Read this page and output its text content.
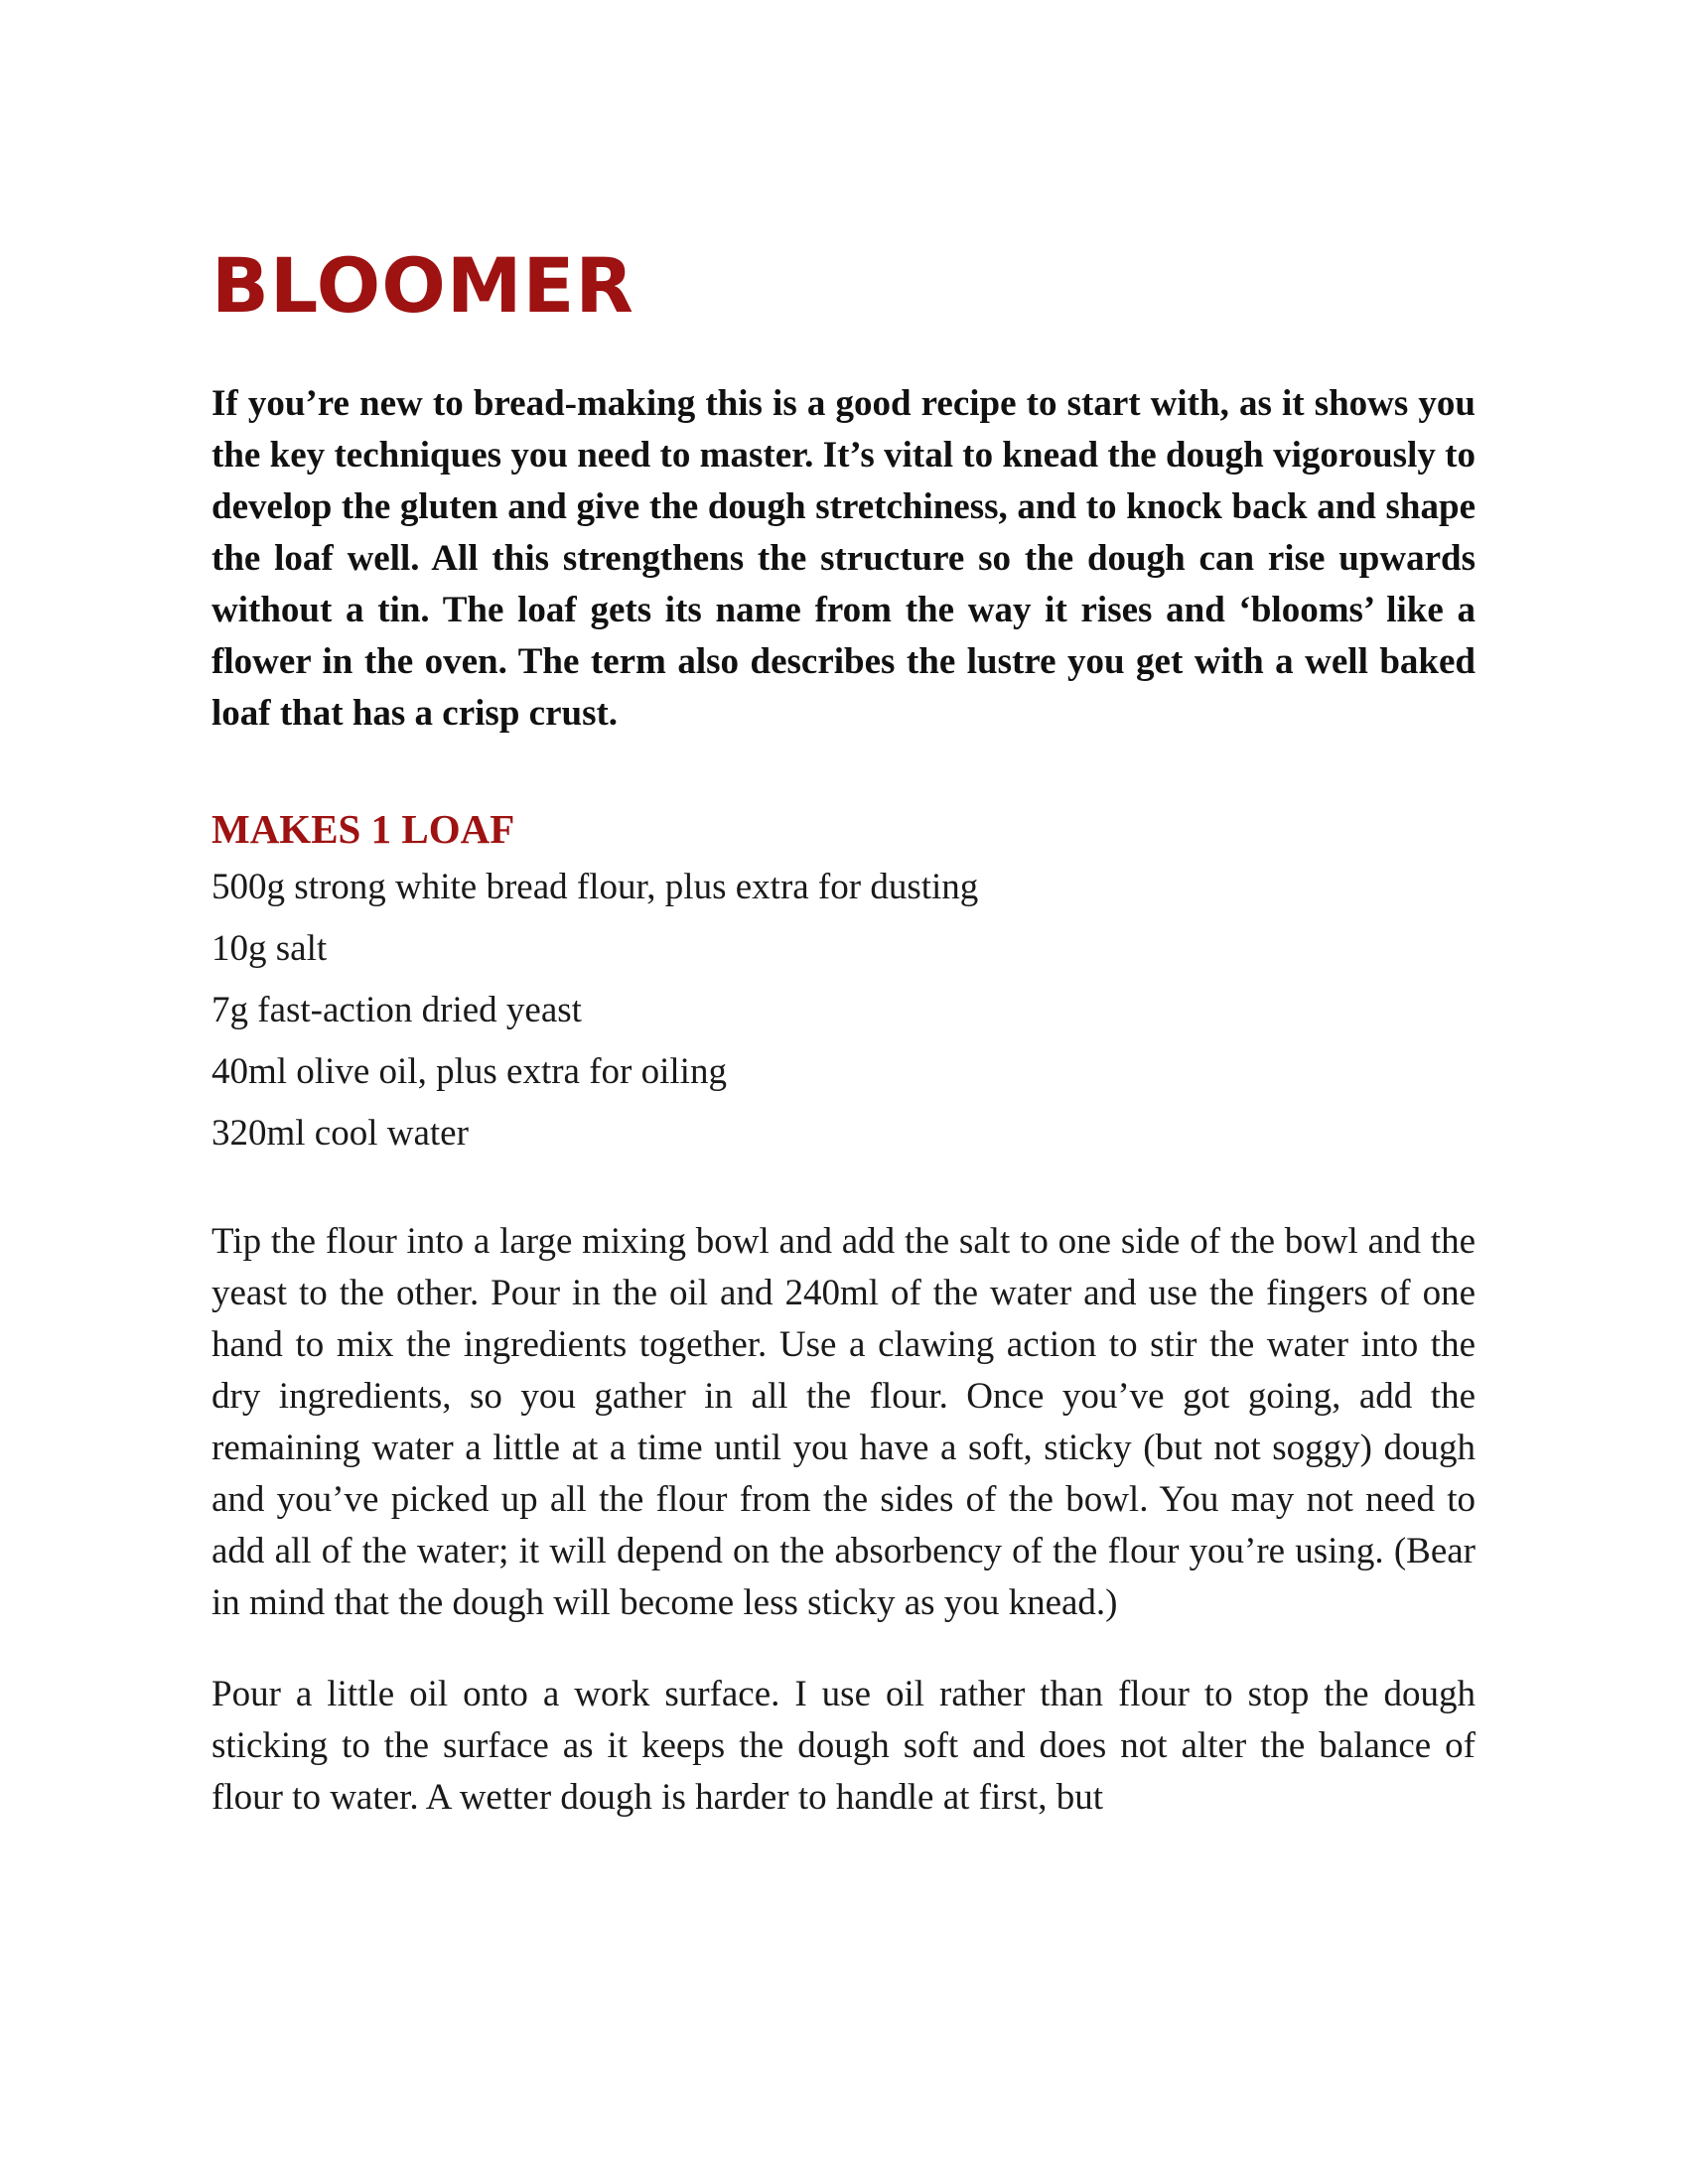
BLOOMER
If you’re new to bread-making this is a good recipe to start with, as it shows you the key techniques you need to master. It’s vital to knead the dough vigorously to develop the gluten and give the dough stretchiness, and to knock back and shape the loaf well. All this strengthens the structure so the dough can rise upwards without a tin. The loaf gets its name from the way it rises and ‘blooms’ like a flower in the oven. The term also describes the lustre you get with a well baked loaf that has a crisp crust.
MAKES 1 LOAF
500g strong white bread flour, plus extra for dusting
10g salt
7g fast-action dried yeast
40ml olive oil, plus extra for oiling
320ml cool water

Tip the flour into a large mixing bowl and add the salt to one side of the bowl and the yeast to the other. Pour in the oil and 240ml of the water and use the fingers of one hand to mix the ingredients together. Use a clawing action to stir the water into the dry ingredients, so you gather in all the flour. Once you’ve got going, add the remaining water a little at a time until you have a soft, sticky (but not soggy) dough and you’ve picked up all the flour from the sides of the bowl. You may not need to add all of the water; it will depend on the absorbency of the flour you’re using. (Bear in mind that the dough will become less sticky as you knead.)

Pour a little oil onto a work surface. I use oil rather than flour to stop the dough sticking to the surface as it keeps the dough soft and does not alter the balance of flour to water. A wetter dough is harder to handle at first, but
